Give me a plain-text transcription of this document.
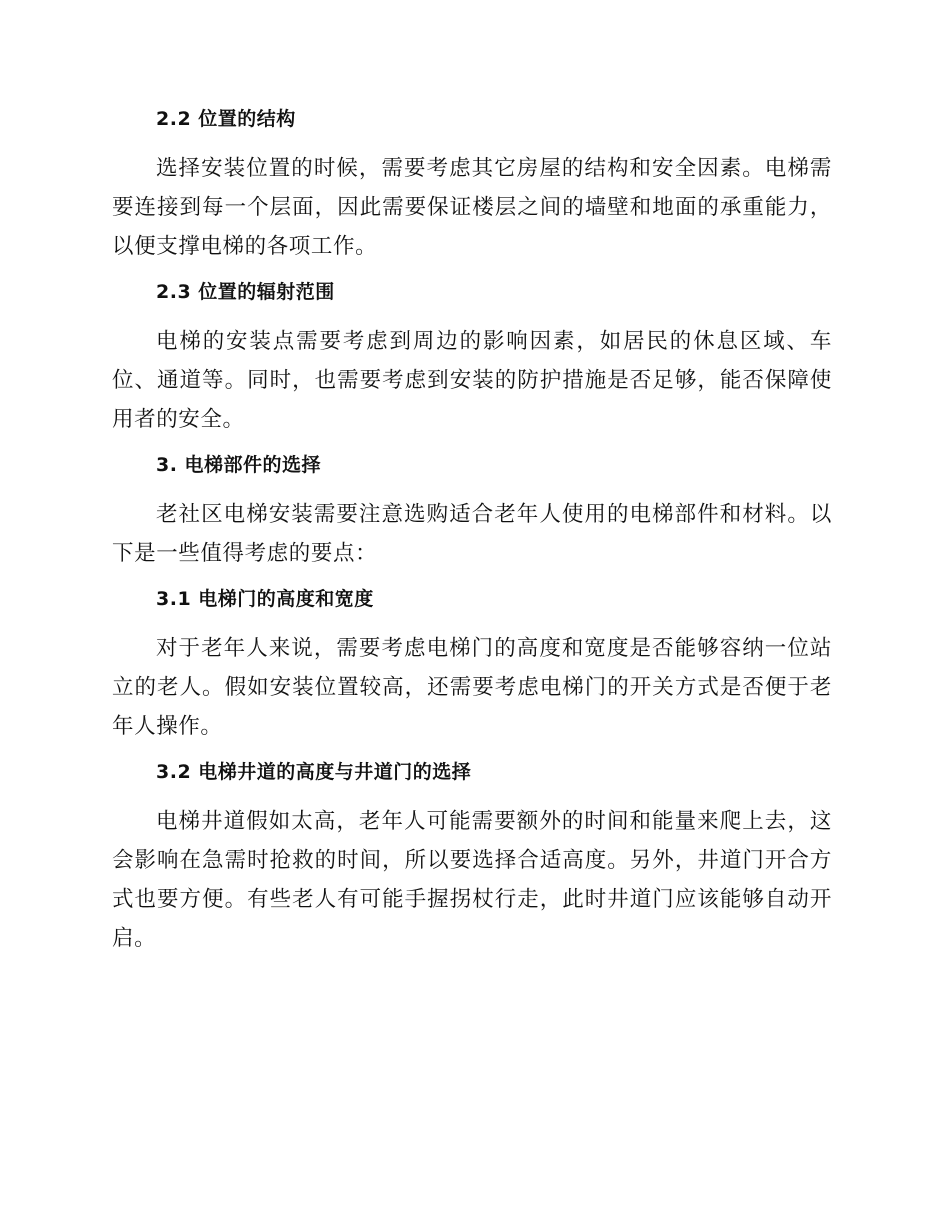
2.2 位置的结构

选择安装位置的时候，需要考虑其它房屋的结构和安全因素。电梯需要连接到每一个层面，因此需要保证楼层之间的墙壁和地面的承重能力，以便支撑电梯的各项工作。

2.3 位置的辐射范围

电梯的安装点需要考虑到周边的影响因素，如居民的休息区域、车位、通道等。同时，也需要考虑到安装的防护措施是否足够，能否保障使用者的安全。

3. 电梯部件的选择

老社区电梯安装需要注意选购适合老年人使用的电梯部件和材料。以下是一些值得考虑的要点：

3.1 电梯门的高度和宽度

对于老年人来说，需要考虑电梯门的高度和宽度是否能够容纳一位站立的老人。假如安装位置较高，还需要考虑电梯门的开关方式是否便于老年人操作。

3.2 电梯井道的高度与井道门的选择

电梯井道假如太高，老年人可能需要额外的时间和能量来爬上去，这会影响在急需时抢救的时间，所以要选择合适高度。另外，井道门开合方式也要方便。有些老人有可能手握拐杖行走，此时井道门应该能够自动开启。
